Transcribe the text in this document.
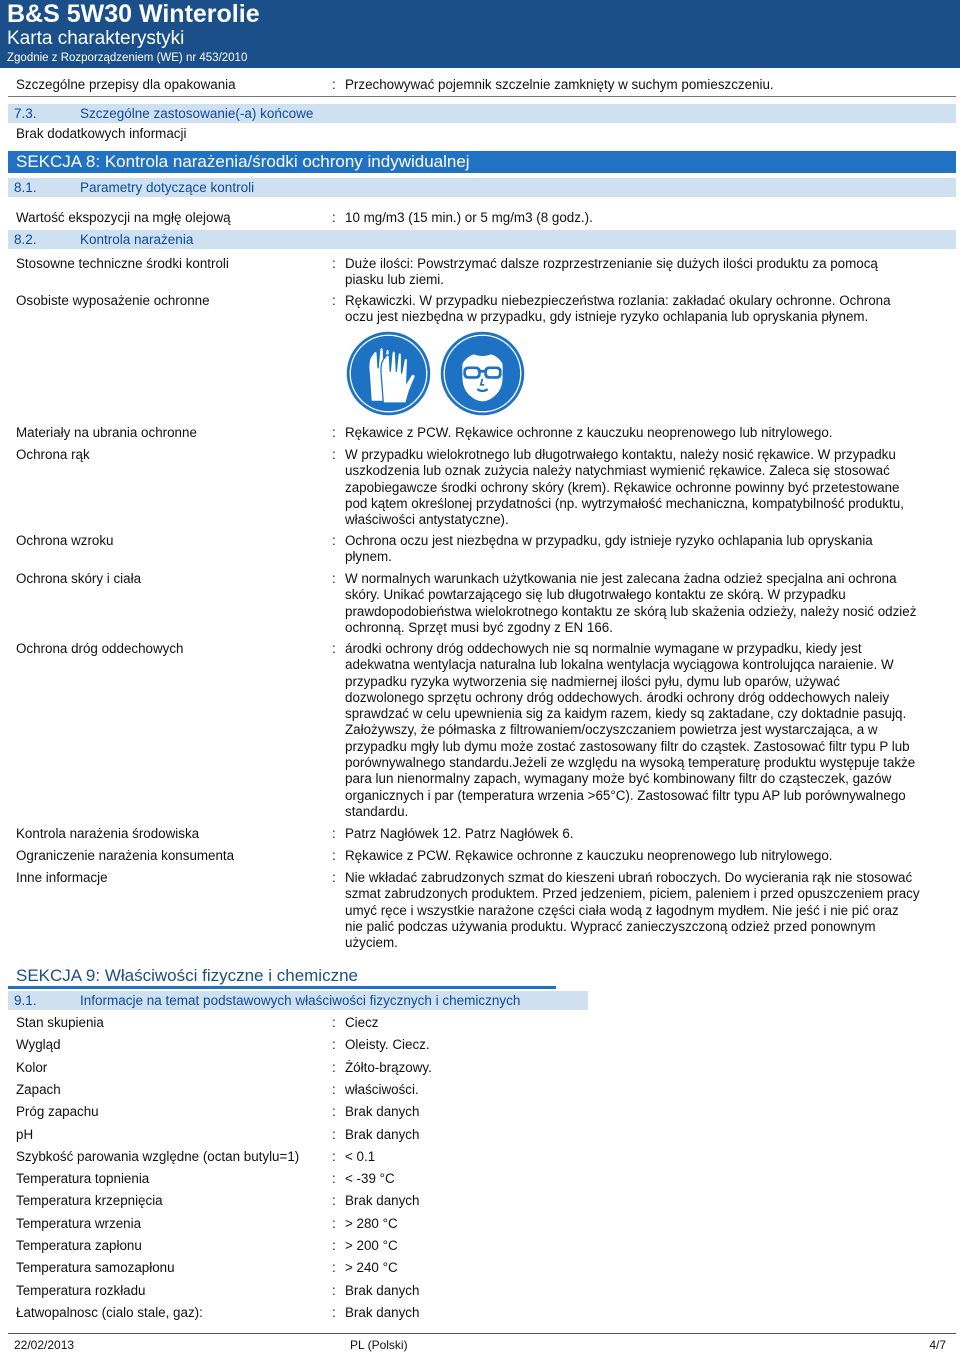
B&S 5W30 Winterolie
Karta charakterystyki
Zgodnie z Rozporządzeniem (WE) nr 453/2010
Szczególne przepisy dla opakowania	: Przechowywać pojemnik szczelnie zamknięty w suchym pomieszczeniu.
7.3.	Szczególne zastosowanie(-a) końcowe
Brak dodatkowych informacji
SEKCJA 8: Kontrola narażenia/środki ochrony indywidualnej
8.1.	Parametry dotyczące kontroli
Wartość ekspozycji na mgłę olejową	: 10 mg/m3 (15 min.) or 5 mg/m3 (8 godz.).
8.2.	Kontrola narażenia
Stosowne techniczne środki kontroli	: Duże ilości: Powstrzymać dalsze rozprzestrzenianie się dużych ilości produktu za pomocą
piasku lub ziemi.
Osobiste wyposażenie ochronne	: Rękawiczki. W przypadku niebezpieczeństwa rozlania: zakładać okulary ochronne. Ochrona
oczu jest niezbędna w przypadku, gdy istnieje ryzyko ochlapania lub opryskania płynem.
Materiały na ubrania ochronne	: Rękawice z PCW. Rękawice ochronne z kauczuku neoprenowego lub nitrylowego.
Ochrona rąk	: W przypadku wielokrotnego lub długotrwałego kontaktu, należy nosić rękawice. W przypadku
uszkodzenia lub oznak zużycia należy natychmiast wymienić rękawice. Zaleca się stosować
zapobiegawcze środki ochrony skóry (krem). Rękawice ochronne powinny być przetestowane
pod kątem określonej przydatności (np. wytrzymałość mechaniczna, kompatybilność produktu,
właściwości antystatyczne).
Ochrona wzroku	: Ochrona oczu jest niezbędna w przypadku, gdy istnieje ryzyko ochlapania lub opryskania
płynem.
Ochrona skóry i ciała	: W normalnych warunkach użytkowania nie jest zalecana żadna odzież specjalna ani ochrona
skóry. Unikać powtarzającego się lub długotrwałego kontaktu ze skórą. W przypadku
prawdopodobieństwa wielokrotnego kontaktu ze skórą lub skażenia odzieży, należy nosić odzież
ochronną. Sprzęt musi być zgodny z EN 166.
Ochrona dróg oddechowych	: árodki ochrony dróg oddechowych nie sq normalnie wymagane w przypadku, kiedy jest
adekwatna wentylacja naturalna lub lokalna wentylacja wyciągowa kontrolujqca naraienie. W
przypadku ryzyka wytworzenia się nadmiernej ilości pyłu, dymu lub oparów, używać
dozwolonego sprzętu ochrony dróg oddechowych. árodki ochrony dróg oddechowych naleiy
sprawdzać w celu upewnienia sig za kaidym razem, kiedy sq zaktadane, czy doktadnie pasujq.
Założywszy, że półmaska z filtrowaniem/oczyszczaniem powietrza jest wystarczająca, a w
przypadku mgły lub dymu może zostać zastosowany filtr do cząstek. Zastosować filtr typu P lub
porównywalnego standardu.Jeżeli ze względu na wysoką temperaturę produktu występuje także
para lun nienormalny zapach, wymagany może być kombinowany filtr do cząsteczek, gazów
organicznych i par (temperatura wrzenia >65°C). Zastosować filtr typu AP lub porównywalnego
standardu.
Kontrola narażenia środowiska	: Patrz Nagłówek 12. Patrz Nagłówek 6.
Ograniczenie narażenia konsumenta	: Rękawice z PCW. Rękawice ochronne z kauczuku neoprenowego lub nitrylowego.
Inne informacje	: Nie wkładać zabrudzonych szmat do kieszeni ubrań roboczych. Do wycierania rąk nie stosować
szmat zabrudzonych produktem. Przed jedzeniem, piciem, paleniem i przed opuszczeniem pracy
umyć ręce i wszystkie narażone części ciała wodą z łagodnym mydłem. Nie jeść i nie pić oraz
nie palić podczas używania produktu. Wypracć zanieczyszczoną odzież przed ponownym
użyciem.
SEKCJA 9: Właściwości fizyczne i chemiczne
9.1.	Informacje na temat podstawowych właściwości fizycznych i chemicznych
Stan skupienia	: Ciecz
Wygląd	: Oleisty. Ciecz.
Kolor	: Żółto-brązowy.
Zapach	: właściwości.
Próg zapachu	: Brak danych
pH	: Brak danych
Szybkość parowania względne (octan butylu=1) : < 0.1
Temperatura topnienia	: < -39 °C
Temperatura krzepnięcia	: Brak danych
Temperatura wrzenia	: > 280 °C
Temperatura zapłonu	: > 200 °C
Temperatura samozapłonu	: > 240 °C
Temperatura rozkładu	: Brak danych
Łatwopalnosc (cialo stale, gaz):	: Brak danych
22/02/2013	PL (Polski)	4/7
